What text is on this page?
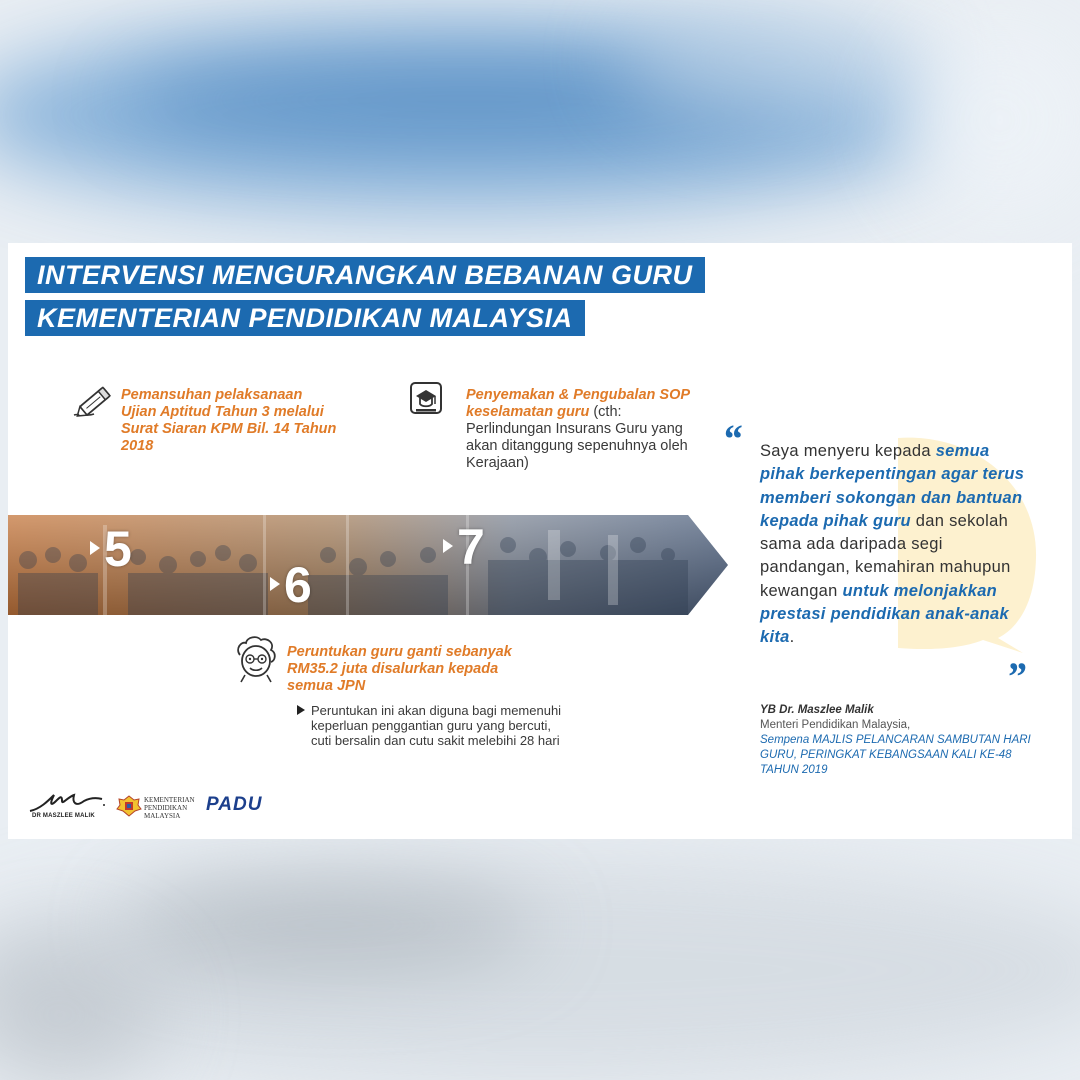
INTERVENSI MENGURANGKAN BEBANAN GURU
KEMENTERIAN PENDIDIKAN MALAYSIA
Pemansuhan pelaksanaan Ujian Aptitud Tahun 3 melalui Surat Siaran KPM Bil. 14 Tahun 2018
Penyemakan & Pengubalan SOP keselamatan guru (cth: Perlindungan Insurans Guru yang akan ditanggung sepenuhnya oleh Kerajaan)
5
6
7
Peruntukan guru ganti sebanyak RM35.2 juta disalurkan kepada semua JPN
Peruntukan ini akan diguna bagi memenuhi keperluan penggantian guru yang bercuti, cuti bersalin dan cutu sakit melebihi 28 hari
“ Saya menyeru kepada semua pihak berkepentingan agar terus memberi sokongan dan bantuan kepada pihak guru dan sekolah sama ada daripada segi pandangan, kemahiran mahupun kewangan untuk melonjakkan prestasi pendidikan anak-anak kita.
”
YB Dr. Maszlee Malik
Menteri Pendidikan Malaysia,
Sempena MAJLIS PELANCARAN SAMBUTAN HARI GURU, PERINGKAT KEBANGSAAN KALI KE-48 TAHUN 2019
DR MASZLEE MALIK
KEMENTERIAN PENDIDIKAN MALAYSIA
PADU
